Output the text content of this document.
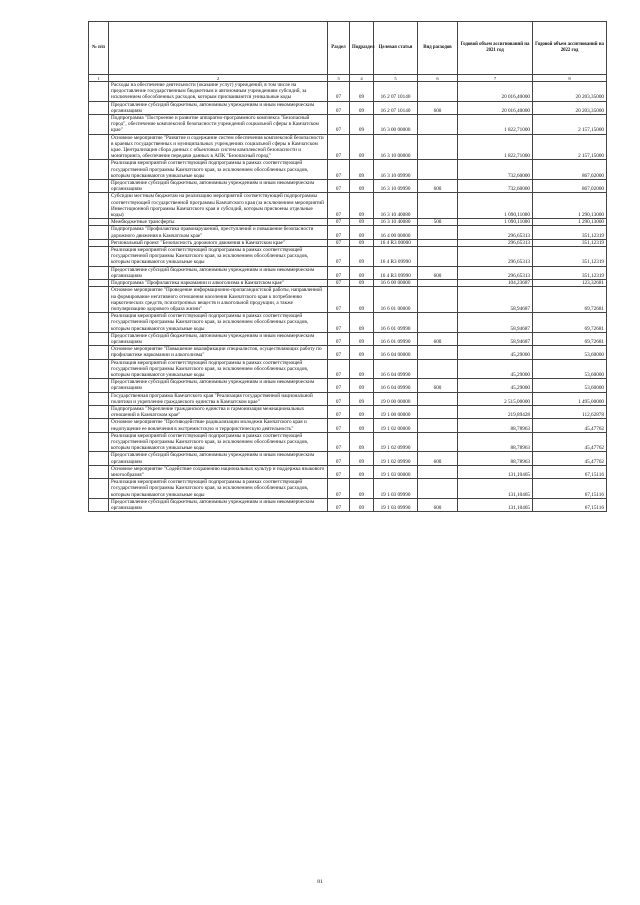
№ п/п		Раздел	Подраздел	Целевая статья	Вид расходов	Годовой объем ассигнований на 2021 год	Годовой объем ассигнований на 2022 год
1	2	3	4	5	6	7	8
	Расходы на обеспечение деятельности (оказание услуг) учреждений, в том числе на предоставление государственным бюджетным и автономным учреждениям субсидий, за исключением обособленных расходов, которым присваиваются уникальные коды	07	09	16 2 07 10140		20 016,40000	20 203,35000
	Предоставление субсидий бюджетным, автономным учреждениям и иным некоммерческим организациям	07	09	16 2 07 10140	600	20 016,40000	20 203,35000
	Подпрограмма "Построение и развитие аппаратно-программного комплекса "Безопасный город", обеспечение комплексной безопасности учреждений социальной сферы в Камчатском крае"	07	09	16 3 00 00000		1 822,71000	2 157,15000
	Основное мероприятие "Развитие и содержание систем обеспечения комплексной безопасности в краевых государственных и муниципальных учреждениях социальной сферы в Камчатском крае. Централизация сбора данных с объектовых систем комплексной безопасности и мониторинга, обеспечение передачи данных в АПК "Безопасный город"	07	09	16 3 10 00000		1 822,71000	2 157,15000
	Реализация мероприятий соответствующей подпрограммы в рамках соответствующей государственной программы Камчатского края, за исключением обособленных расходов, которым присваиваются уникальные коды	07	09	16 3 10 09990		732,60000	867,02000
	Предоставление субсидий бюджетным, автономным учреждениям и иным некоммерческим организациям	07	09	16 3 10 09990	600	732,60000	867,02000
	Субсидии местным бюджетам на реализацию мероприятий соответствующей подпрограммы соответствующей государственной программы Камчатского края (за исключением мероприятий Инвестиционной программы Камчатского края и субсидий, которым присвоены отдельные коды)	07	09	16 3 10 40080		1 090,11000	1 290,13000
	Межбюджетные трансферты	07	09	16 3 10 40080	500	1 090,11000	1 290,13000
	Подпрограмма "Профилактика правонарушений, преступлений и повышение безопасности дорожного движения в Камчатском крае"	07	09	16 4 00 00000		296,65313	351,12319
	Региональный проект "Безопасность дорожного движения в Камчатском крае"	07	09	16 4 R3 00000		296,65313	351,12319
	Реализация мероприятий соответствующей подпрограммы в рамках соответствующей государственной программы Камчатского края, за исключением обособленных расходов, которым присваиваются уникальные коды	07	09	16 4 R3 09990		296,65313	351,12319
	Предоставление субсидий бюджетным, автономным учреждениям и иным некоммерческим организациям	07	09	16 4 R3 09990	600	296,65313	351,12319
	Подпрограмма "Профилактика наркомании и алкоголизма в Камчатском крае"	07	09	16 6 00 00000		104,23687	123,32681
	Основное мероприятие "Проведение информационно-пропагандистской работы, направленной на формирование негативного отношения населения Камчатского края к потреблению наркотических средств, психотропных веществ и алкогольной продукции, а также популяризацию здорового образа жизни"	07	09	16 6 01 00000		58,94687	69,72681
	Реализация мероприятий соответствующей подпрограммы в рамках соответствующей государственной программы Камчатского края, за исключением обособленных расходов, которым присваиваются уникальные коды	07	09	16 6 01 09990		58,94687	69,72681
	Предоставление субсидий бюджетным, автономным учреждениям и иным некоммерческим организациям	07	09	16 6 01 09990	600	58,94687	69,72681
	Основное мероприятие "Повышение квалификации специалистов, осуществляющих работу по профилактике наркомании и алкоголизма"	07	09	16 6 04 00000		45,29000	53,60000
	Реализация мероприятий соответствующей подпрограммы в рамках соответствующей государственной программы Камчатского края, за исключением обособленных расходов, которым присваиваются уникальные коды	07	09	16 6 04 09990		45,29000	53,60000
	Предоставление субсидий бюджетным, автономным учреждениям и иным некоммерческим организациям	07	09	16 6 04 09990	600	45,29000	53,60000
	Государственная программа Камчатского края "Реализация государственной национальной политики и укрепление гражданского единства в Камчатском крае"	07	09	19 0 00 00000		2 515,00000	1 495,00000
	Подпрограмма "Укрепление гражданского единства и гармонизация межнациональных отношений в Камчатском крае"	07	09	19 1 00 00000		219,89428	112,62878
	Основное мероприятие "Противодействие радикализации молодежи Камчатского края и недопущение ее вовлечения в экстремистскую и террористическую деятельность"	07	09	19 1 02 00000		88,78963	45,47762
	Реализация мероприятий соответствующей подпрограммы в рамках соответствующей государственной программы Камчатского края, за исключением обособленных расходов, которым присваиваются уникальные коды	07	09	19 1 02 09990		88,78963	45,47762
	Предоставление субсидий бюджетным, автономным учреждениям и иным некоммерческим организациям	07	09	19 1 02 09990	600	88,78963	45,47762
	Основное мероприятие "Содействие сохранению национальных культур и поддержка языкового многообразия"	07	09	19 1 03 00000		131,10465	67,15116
	Реализация мероприятий соответствующей подпрограммы в рамках соответствующей государственной программы Камчатского края, за исключением обособленных расходов, которым присваиваются уникальные коды	07	09	19 1 03 09990		131,10465	67,15116
	Предоставление субсидий бюджетным, автономным учреждениям и иным некоммерческим организациям	07	09	19 1 03 09990	600	131,10465	67,15116
81
